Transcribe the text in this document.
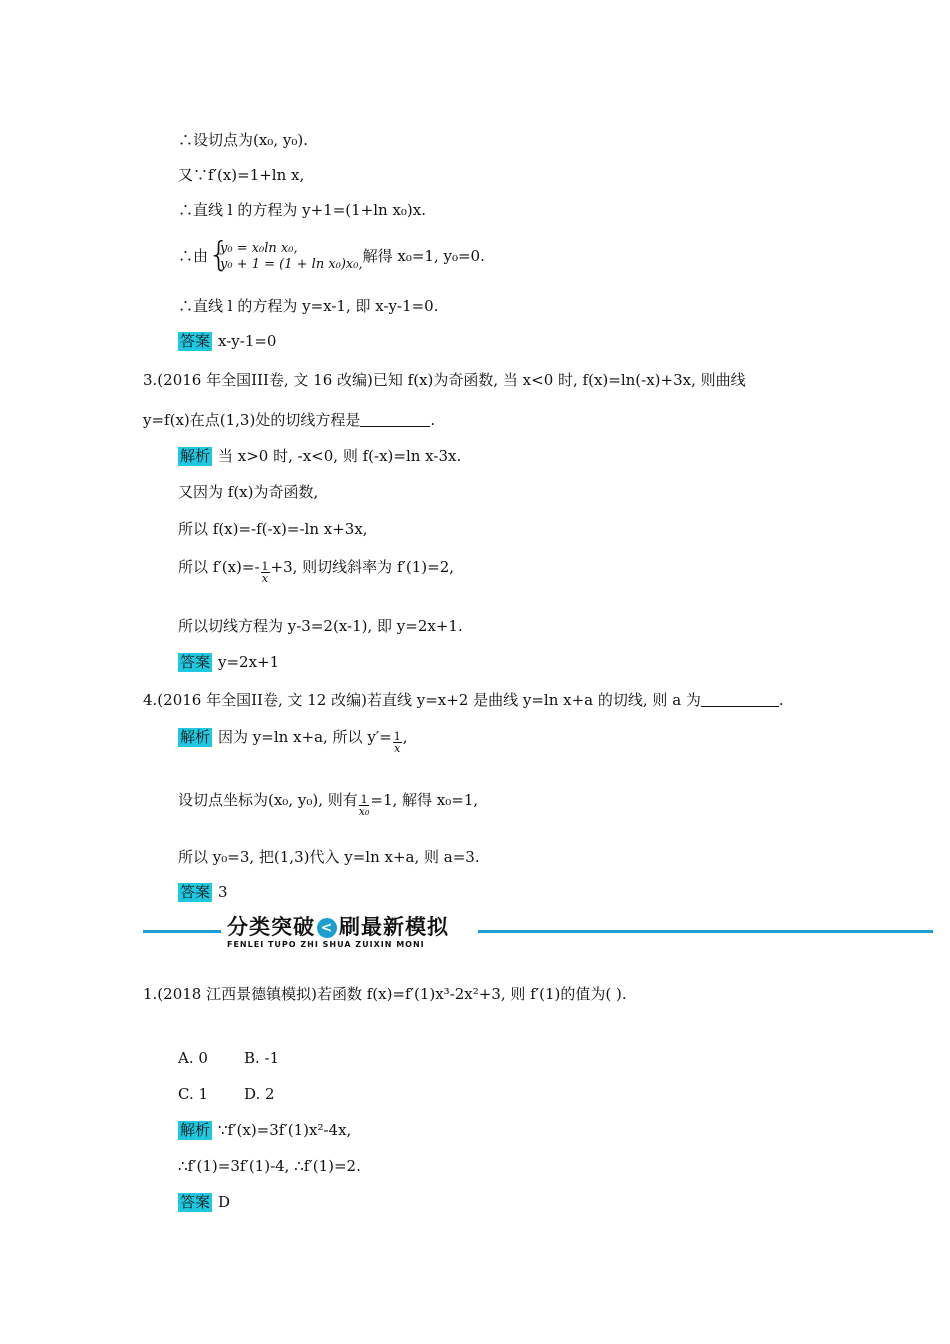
∴设切点为(x₀, y₀).
又∵f′(x)=1+ln x,
∴直线 l 的方程为 y+1=(1+ln x₀)x.
∴由 {
y₀ = x₀ln x₀,
y₀ + 1 = (1 + ln x₀)x₀, 解得 x₀=1, y₀=0.
∴直线 l 的方程为 y=x-1, 即 x-y-1=0.
答案 x-y-1=0
3.(2016 年全国III卷, 文 16 改编)已知 f(x)为奇函数, 当 x<0 时, f(x)=ln(-x)+3x, 则曲线
y=f(x)在点(1,3)处的切线方程是	.
解析 当 x>0 时, -x<0, 则 f(-x)=ln x-3x.
又因为 f(x)为奇函数,
所以 f(x)=-f(-x)=-ln x+3x,
所以 $f'(x)=- \frac{1}{x} +3$, 则切线斜率为 f′(1)=2,
所以切线方程为 y-3=2(x-1), 即 y=2x+1.
答案 y=2x+1
4.(2016 年全国II卷, 文 12 改编)若直线 y=x+2 是曲线 y=ln x+a 的切线, 则 a 为	.
解析 因为 y=ln x+a, 所以 $y'= \frac{1}{x}$ ,
设切点坐标为(x₀, y₀), 则有 $\frac{1}{\text{x₀}} =1$, 解得 x₀=1,
所以 y₀=3, 把(1,3)代入 y=ln x+a, 则 a=3.
答案 3
分类突破 < 刷最新模拟
FENLEI TUPO ZHI SHUA ZUIXIN MONI
1.(2018 江西景德镇模拟)若函数 f(x)=f′(1)x³-2x²+3, 则 f′(1)的值为( ).
A. 0 B. -1
C. 1 D. 2
解析 ∵f′(x)=3f′(1)x²-4x,
∴f′(1)=3f′(1)-4, ∴f′(1)=2.
答案 D
